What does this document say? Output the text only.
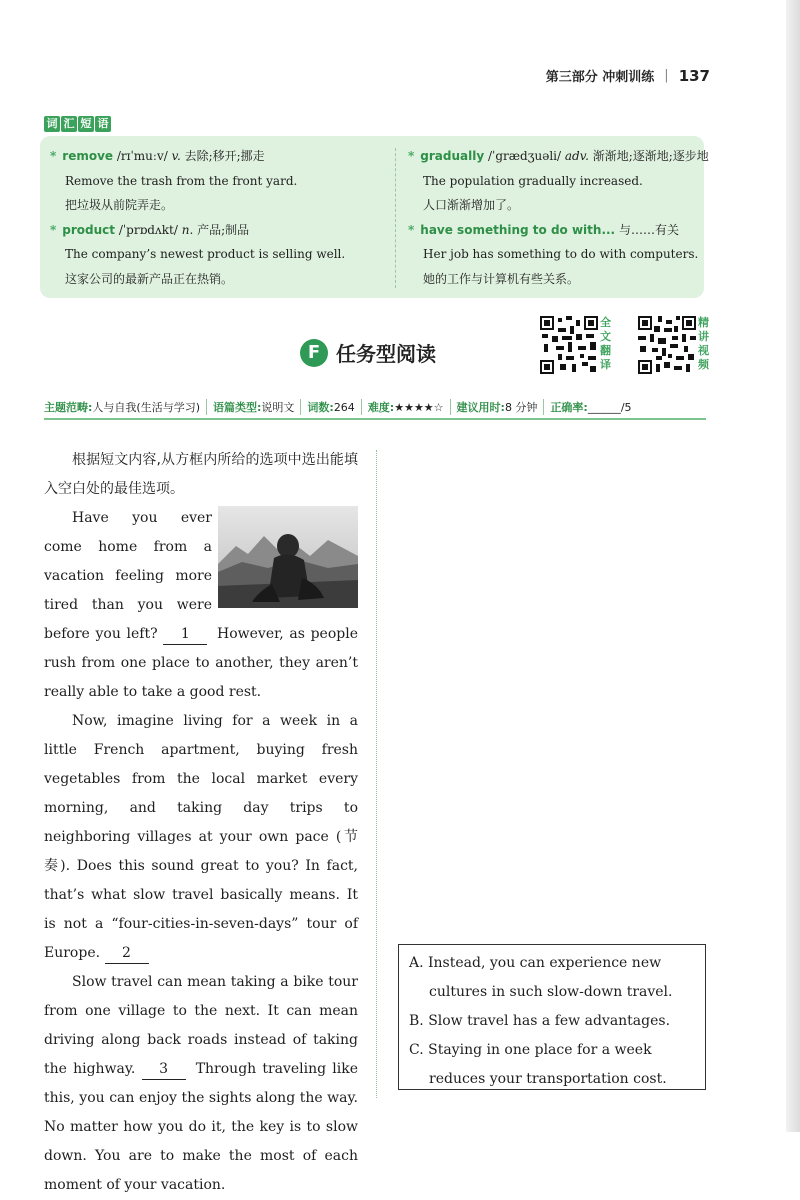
第三部分 冲刺训练 | 137
词 汇 短 语
* remove /rɪˈmuːv/ v. 去除;移开;挪走
Remove the trash from the front yard.
把垃圾从前院弄走。
* product /ˈprɒdʌkt/ n. 产品;制品
The company’s newest product is selling well.
这家公司的最新产品正在热销。
* gradually /ˈgrædʒuəli/ adv. 渐渐地;逐渐地;逐步地
The population gradually increased.
人口渐渐增加了。
* have something to do with... 与……有关
Her job has something to do with computers.
她的工作与计算机有些关系。
F 任务型阅读
全
文
翻
译
精
讲
视
频
主题范畴:人与自我(生活与学习)	语篇类型:说明文	词数:264	难度:★★★★☆	建议用时:8 分钟	正确率:______/5

根据短文内容,从方框内所给的选项中选出能填入空白处的最佳选项。

Have you ever come home from a vacation feeling more tired than you were before you left? 1 However, as people rush from one place to another, they aren’t really able to take a good rest.

Now, imagine living for a week in a little French apartment, buying fresh vegetables from the local market every morning, and taking day trips to neighboring villages at your own pace (节奏). Does this sound great to you? In fact, that’s what slow travel basically means. It is not a “four-cities-in-seven-days” tour of Europe. 2

Slow travel can mean taking a bike tour from one village to the next. It can mean driving along back roads instead of taking the highway. 3 Through traveling like this, you can enjoy the sights along the way. No matter how you do it, the key is to slow down. You are to make the most of each moment of your vacation.

A. Instead, you can experience new cultures in such slow-down travel.
B. Slow travel has a few advantages.
C. Staying in one place for a week reduces your transportation cost.
